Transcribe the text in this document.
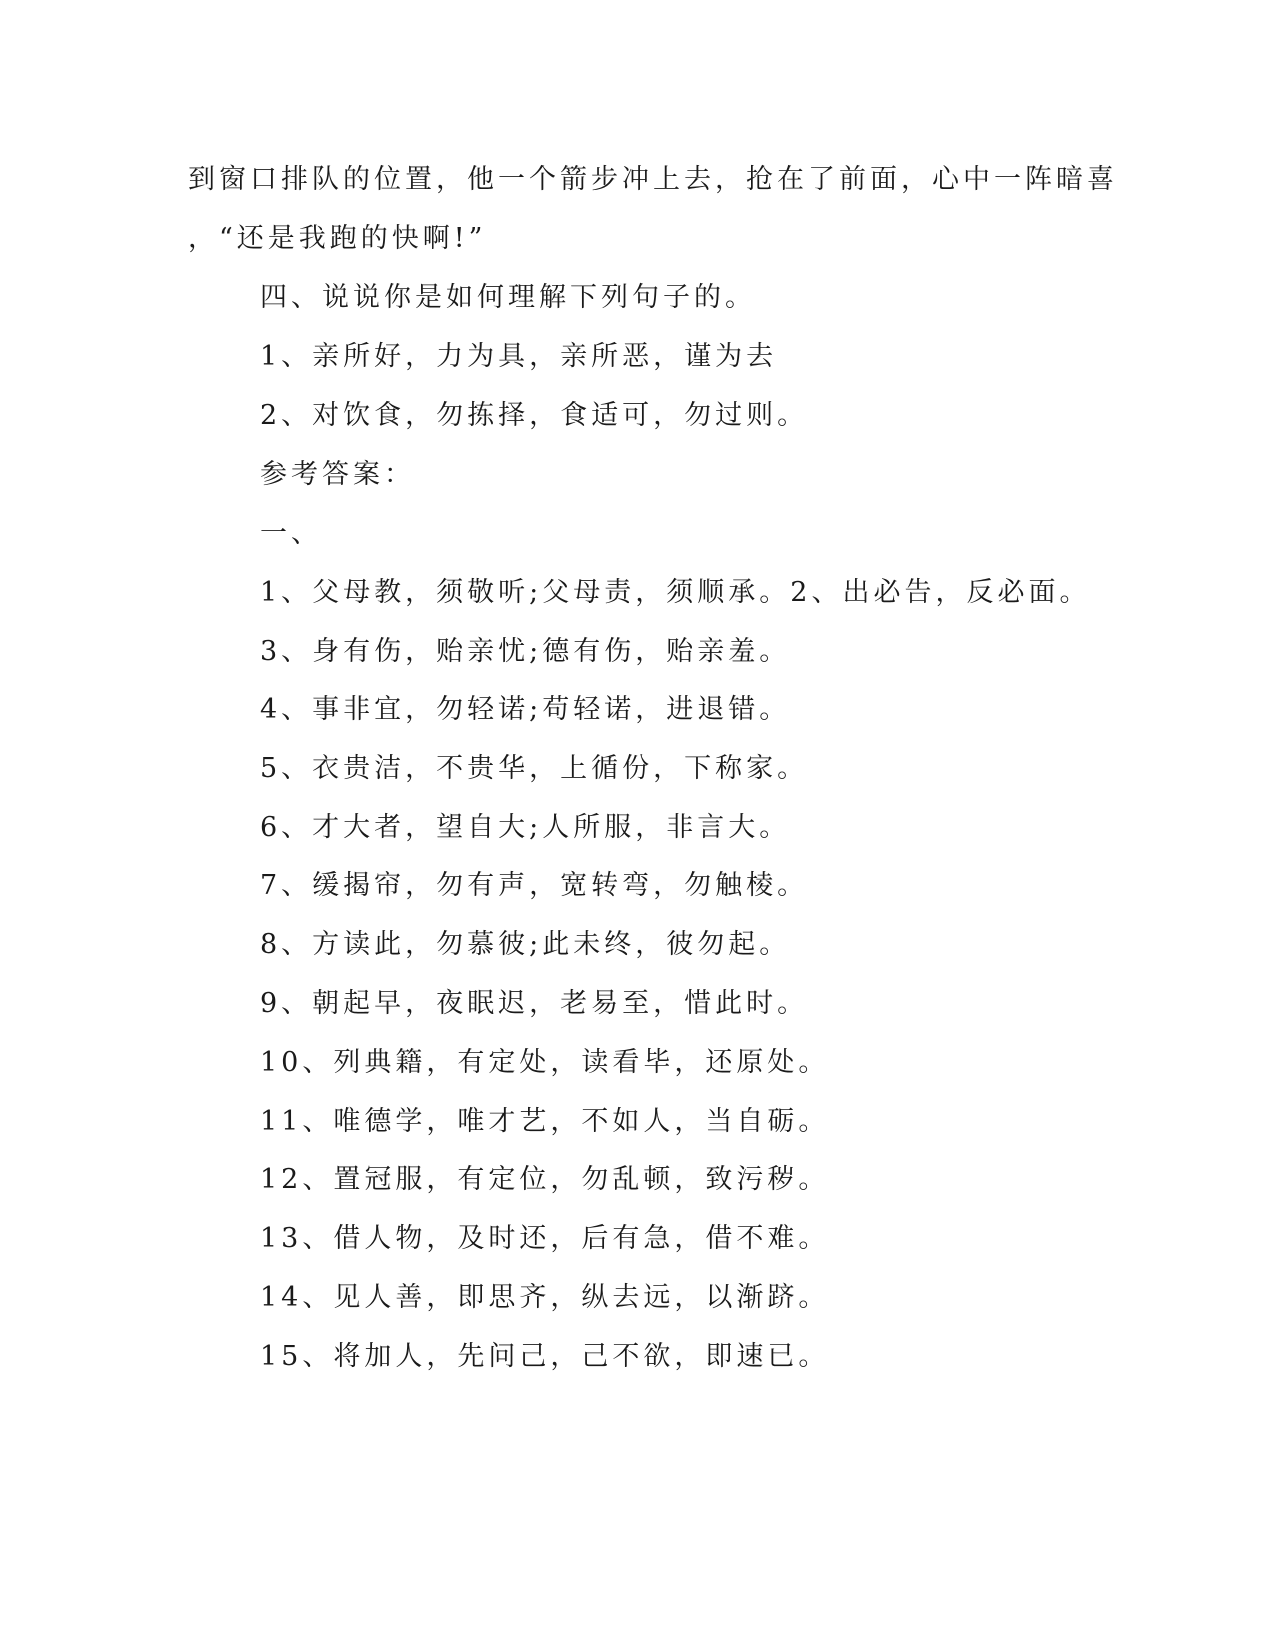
到窗口排队的位置，他一个箭步冲上去，抢在了前面，心中一阵暗喜
，“还是我跑的快啊!”
四、说说你是如何理解下列句子的。
1、亲所好，力为具，亲所恶，谨为去
2、对饮食，勿拣择，食适可，勿过则。
参考答案：
一、
1、父母教，须敬听;父母责，须顺承。2、出必告，反必面。
3、身有伤，贻亲忧;德有伤，贻亲羞。
4、事非宜，勿轻诺;苟轻诺，进退错。
5、衣贵洁，不贵华，上循份，下称家。
6、才大者，望自大;人所服，非言大。
7、缓揭帘，勿有声，宽转弯，勿触棱。
8、方读此，勿慕彼;此未终，彼勿起。
9、朝起早，夜眠迟，老易至，惜此时。
10、列典籍，有定处，读看毕，还原处。
11、唯德学，唯才艺，不如人，当自砺。
12、置冠服，有定位，勿乱顿，致污秽。
13、借人物，及时还，后有急，借不难。
14、见人善，即思齐，纵去远，以渐跻。
15、将加人，先问己，己不欲，即速已。
